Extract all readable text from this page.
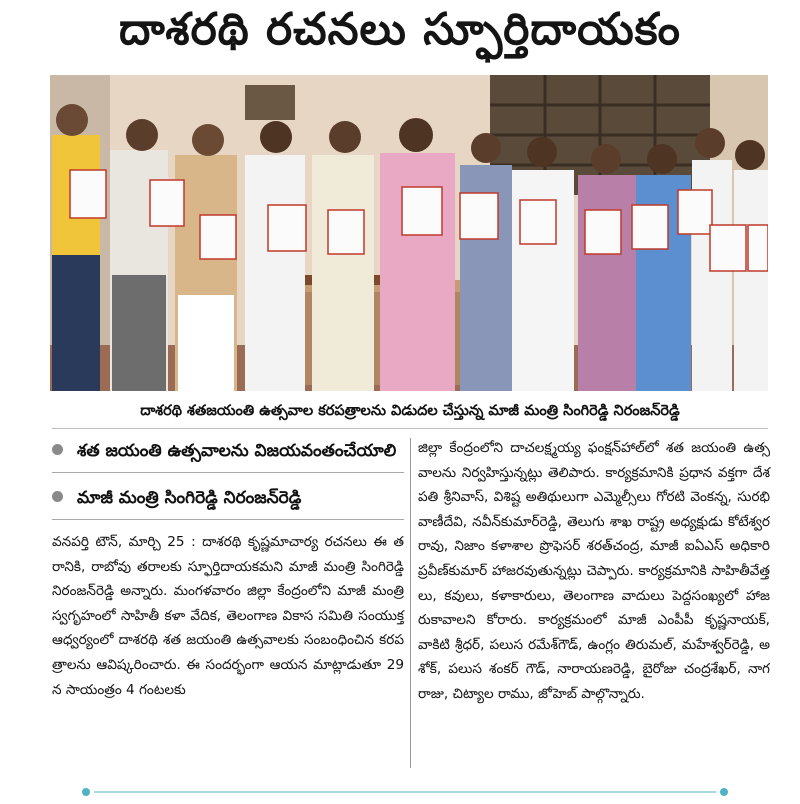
దాశరథి రచనలు స్ఫూర్తిదాయకం
దాశరథి శతజయంతి ఉత్సవాల కరపత్రాలను విడుదల చేస్తున్న మాజీ మంత్రి సింగిరెడ్డి నిరంజన్‌రెడ్డి
శత జయంతి ఉత్సవాలను విజయవంతంచేయాలి
మాజీ మంత్రి సింగిరెడ్డి నిరంజన్‌రెడ్డి
వనపర్తి టౌన్‌, మార్చి 25 : దాశరథి కృష్ణమాచార్య రచనలు ఈ తరానికి, రాబోవు తరాలకు స్ఫూర్తిదాయకమని మాజీ మంత్రి సింగిరెడ్డి నిరంజన్‌రెడ్డి అన్నారు. మంగళవారం జిల్లా కేంద్రంలోని మాజీ మంత్రి స్వగృహంలో సాహితీ కళా వేదిక, తెలంగాణ వికాస సమితి సంయుక్త ఆధ్వర్యంలో దాశరథి శత జయంతి ఉత్సవాలకు సంబంధించిన కరపత్రాలను ఆవిష్కరించారు. ఈ సందర్భంగా ఆయన మాట్లాడుతూ 29న సాయంత్రం 4 గంటలకు
జిల్లా కేంద్రంలోని దాచలక్ష్మయ్య ఫంక్షన్‌హాల్‌లో శత జయంతి ఉత్సవాలను నిర్వహిస్తున్నట్లు తెలిపారు. కార్యక్రమానికి ప్రధాన వక్తగా దేశపతి శ్రీనివాస్‌, విశిష్ట అతిథులుగా ఎమ్మెల్సీలు గోరటి వెంకన్న, సురభి వాణీదేవి, నవీన్‌కుమార్‌రెడ్డి, తెలుగు శాఖ రాష్ట్ర అధ్యక్షుడు కోటేశ్వరరావు, నిజాం కళాశాల ప్రొఫెసర్‌ శరత్‌చంద్ర, మాజీ ఐఏఎస్‌ అధికారి ప్రవీణ్‌కుమార్‌ హాజరవుతున్నట్లు చెప్పారు. కార్యక్రమానికి సాహితీవేత్తలు, కవులు, కళాకారులు, తెలంగాణ వాదులు పెద్దసంఖ్యలో హాజరుకావాలని కోరారు. కార్యక్రమంలో మాజీ ఎంపీపీ కృష్ణనాయక్‌, వాకిటి శ్రీధర్‌, పలుస రమేశ్‌గౌడ్‌, ఉంగ్లం తిరుమల్‌, మహేశ్వర్‌రెడ్డి, అశోక్‌, పలుస శంకర్‌ గౌడ్‌, నారాయణరెడ్డి, బైరోజు చంద్రశేఖర్‌, నాగరాజు, చిట్యాల రాము, జోహెబ్‌ పాల్గొన్నారు.
